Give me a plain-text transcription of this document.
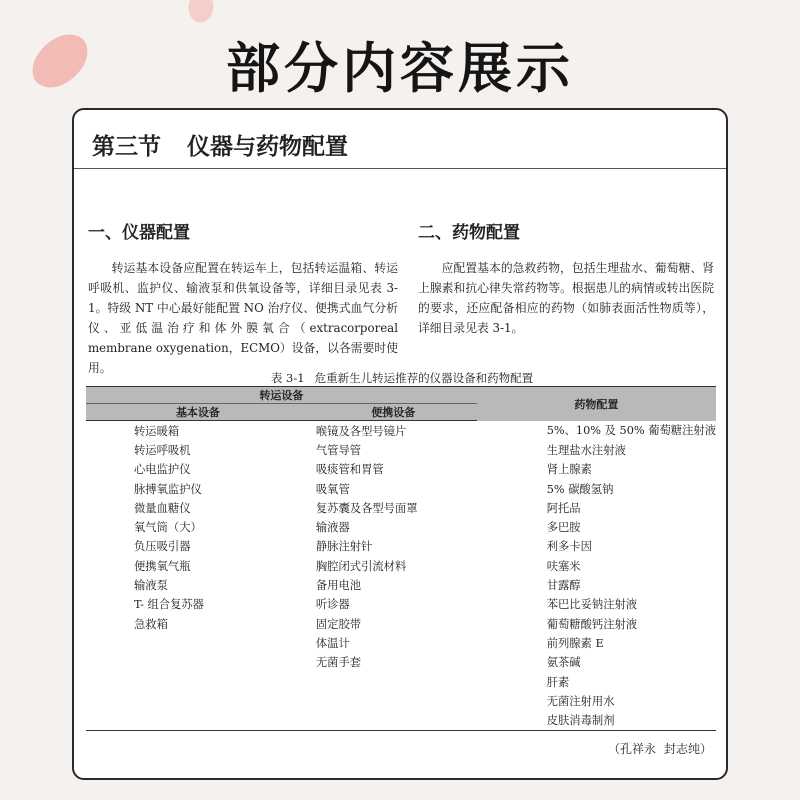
部分内容展示
第三节 仪器与药物配置
一、仪器配置

转运基本设备应配置在转运车上，包括转运温箱、转运呼吸机、监护仪、输液泵和供氧设备等，详细目录见表 3-1。特级 NT 中心最好能配置 NO 治疗仪、便携式血气分析仪、亚低温治疗和体外膜氧合（extracorporeal membrane oxygenation，ECMO）设备，以各需要时使用。

二、药物配置

应配置基本的急救药物，包括生理盐水、葡萄糖、肾上腺素和抗心律失常药物等。根据患儿的病情或转出医院的要求，还应配备相应的药物（如肺表面活性物质等），详细目录见表 3-1。

表 3-1 危重新生儿转运推荐的仪器设备和药物配置
转运设备		药物配置
基本设备	便携设备	
转运暖箱	喉镜及各型号镜片	5%、10% 及 50% 葡萄糖注射液
转运呼吸机	气管导管	生理盐水注射液
心电监护仪	吸痰管和胃管	肾上腺素
脉搏氧监护仪	吸氧管	5% 碳酸氢钠
微量血糖仪	复苏囊及各型号面罩	阿托品
氧气筒（大）	输液器	多巴胺
负压吸引器	静脉注射针	利多卡因
便携氧气瓶	胸腔闭式引流材料	呋塞米
输液泵	备用电池	甘露醇
T- 组合复苏器	听诊器	苯巴比妥钠注射液
急救箱	固定胶带	葡萄糖酸钙注射液
	体温计	前列腺素 E
	无菌手套	氨茶碱
		肝素
		无菌注射用水
		皮肤消毒制剂
（孔祥永 封志纯）
